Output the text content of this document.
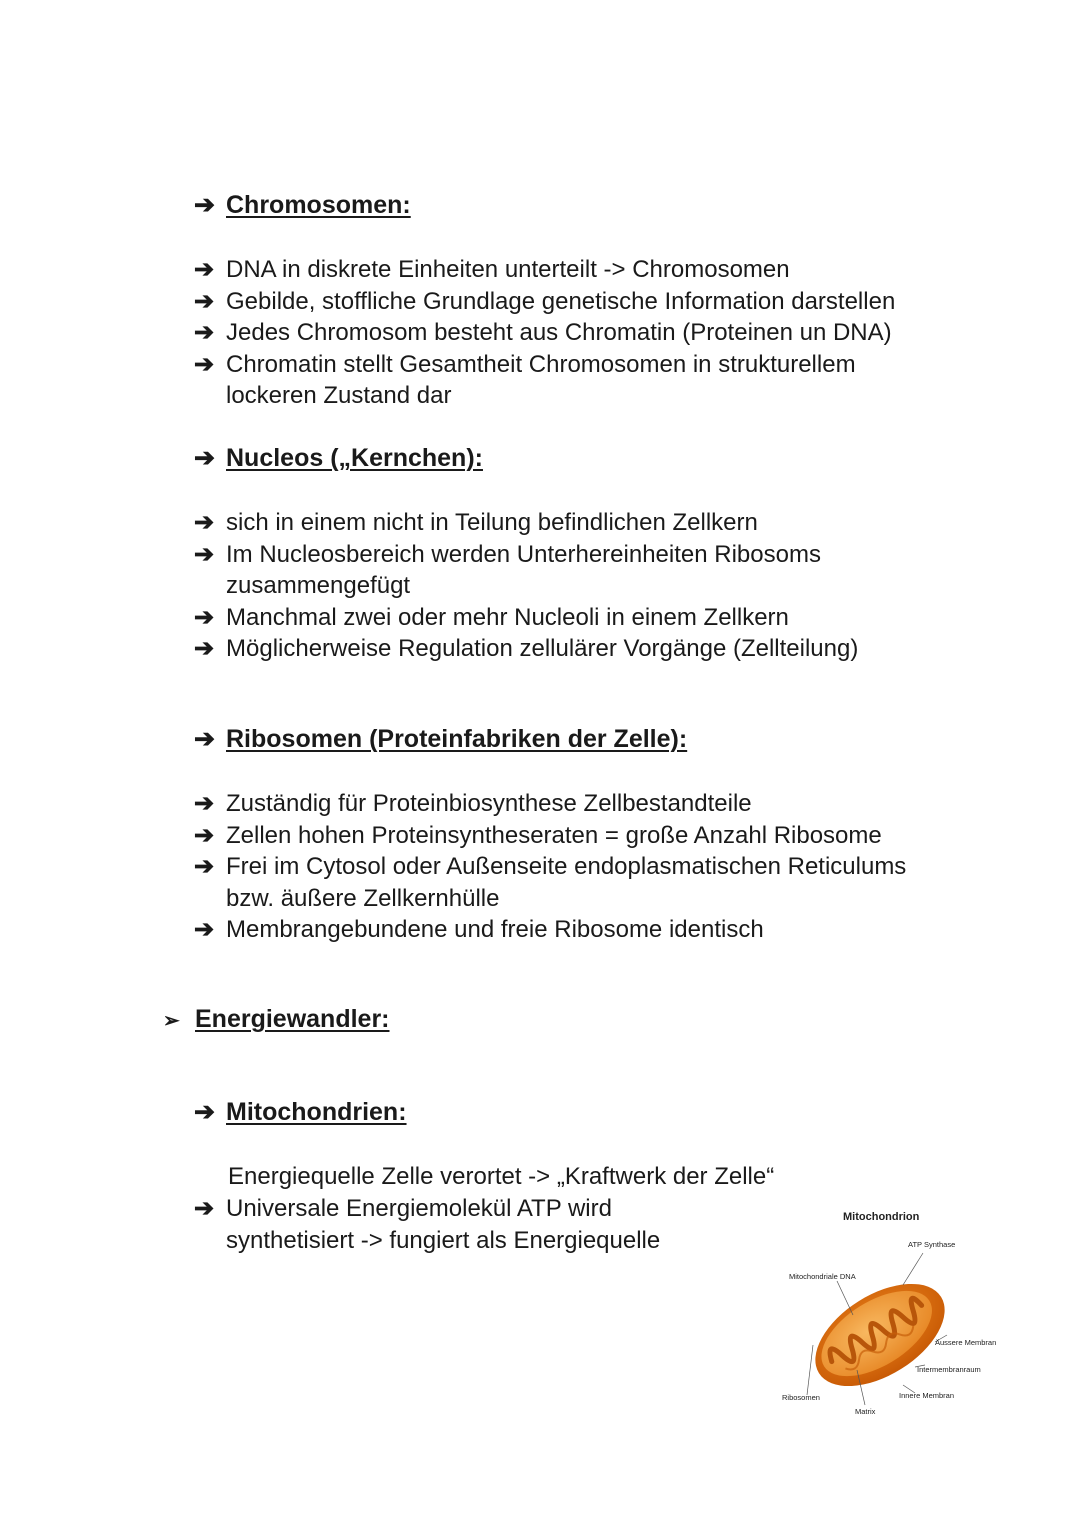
➔ Chromosomen:
➔ DNA in diskrete Einheiten unterteilt -> Chromosomen
➔ Gebilde, stoffliche Grundlage genetische Information darstellen
➔ Jedes Chromosom besteht aus Chromatin (Proteinen un DNA)
➔ Chromatin stellt Gesamtheit Chromosomen in strukturellem
lockeren Zustand dar
➔ Nucleos („Kernchen):
➔ sich in einem nicht in Teilung befindlichen Zellkern
➔ Im Nucleosbereich werden Unterhereinheiten Ribosoms
zusammengefügt
➔ Manchmal zwei oder mehr Nucleoli in einem Zellkern
➔ Möglicherweise Regulation zellulärer Vorgänge (Zellteilung)
➔ Ribosomen (Proteinfabriken der Zelle):
➔ Zuständig für Proteinbiosynthese Zellbestandteile
➔ Zellen hohen Proteinsyntheseraten = große Anzahl Ribosome
➔ Frei im Cytosol oder Außenseite endoplasmatischen Reticulums
bzw. äußere Zellkernhülle
➔ Membrangebundene und freie Ribosome identisch
➢ Energiewandler:
➔ Mitochondrien:
Energiequelle Zelle verortet -> „Kraftwerk der Zelle“
➔ Universale Energiemolekül ATP wird
synthetisiert -> fungiert als Energiequelle
Mitochondrion
ATP Synthase
Mitochondriale DNA
Äussere Membran
Intermembranraum
Innere Membran
Ribosomen
Matrix
